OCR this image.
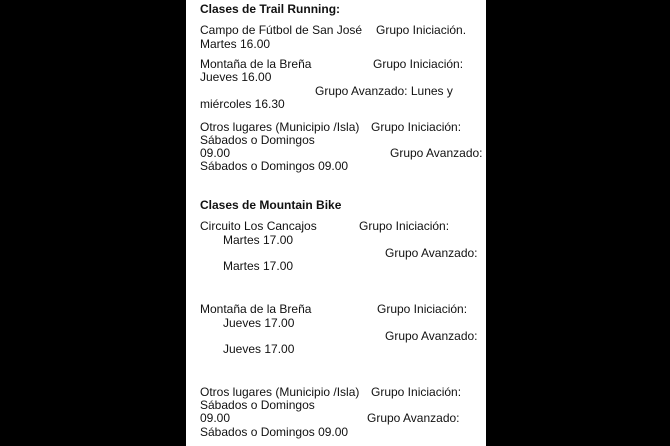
Clases de Trail Running:
Campo de Fútbol de San José Grupo Iniciación.
Martes 16.00
Montaña de la Breña	Grupo Iniciación:
Jueves 16.00
Grupo Avanzado: Lunes y
miércoles 16.30
Otros lugares (Municipio /Isla) Grupo Iniciación:
Sábados o Domingos
09.00	Grupo Avanzado:
Sábados o Domingos 09.00
Clases de Mountain Bike
Circuito Los Cancajos	Grupo Iniciación:
Martes 17.00
Grupo Avanzado:
Martes 17.00
Montaña de la Breña	Grupo Iniciación:
Jueves 17.00
Grupo Avanzado:
Jueves 17.00
Otros lugares (Municipio /Isla) Grupo Iniciación:
Sábados o Domingos
09.00	Grupo Avanzado:
Sábados o Domingos 09.00
